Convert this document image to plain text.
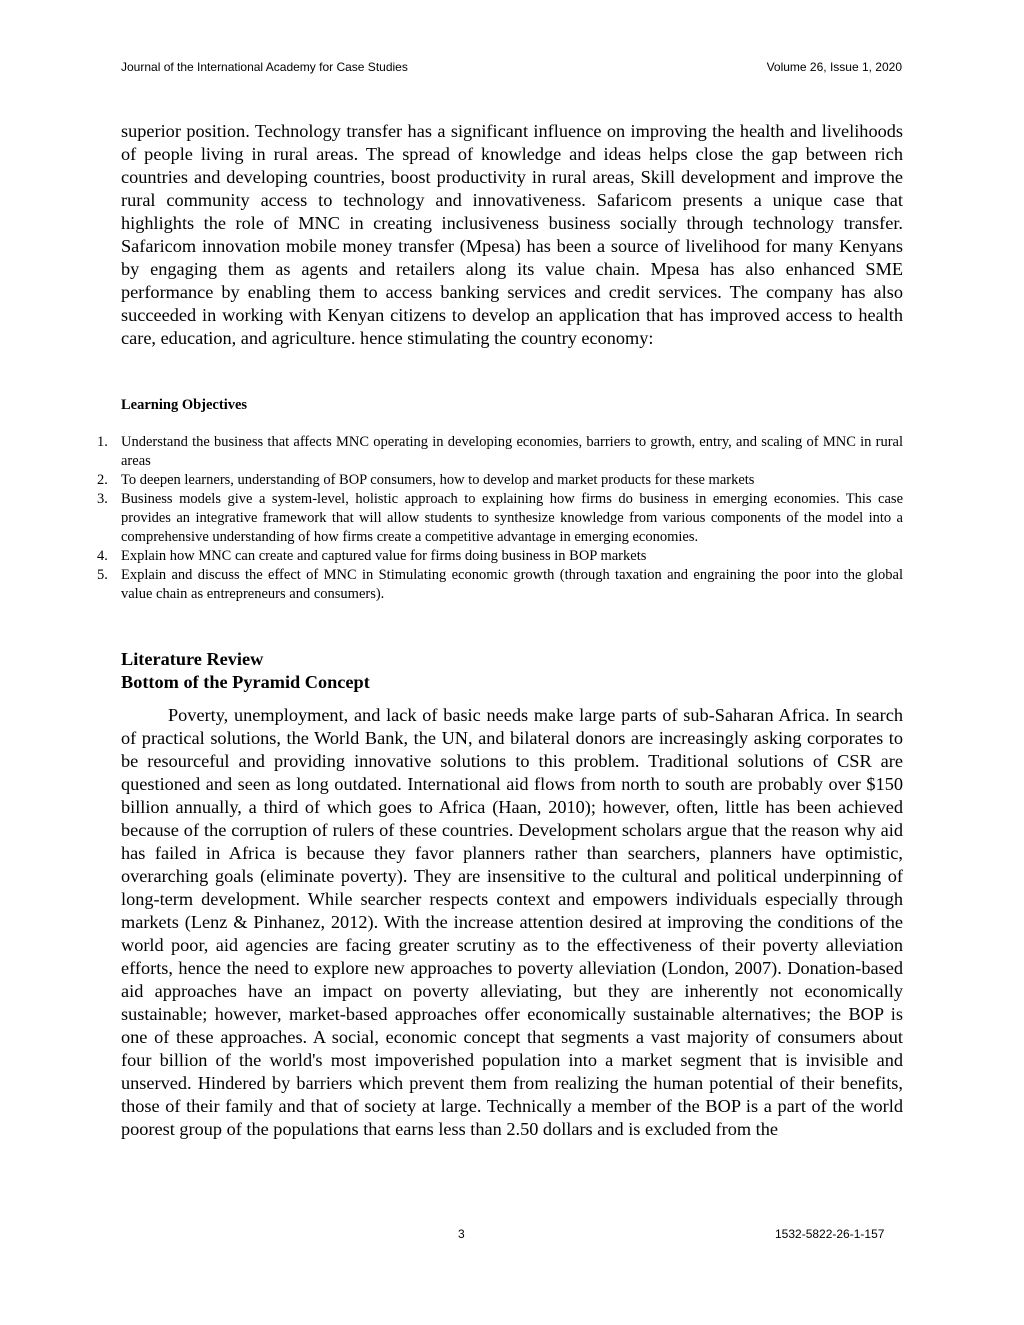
Journal of the International Academy for Case Studies	Volume 26, Issue 1, 2020

superior position. Technology transfer has a significant influence on improving the health and livelihoods of people living in rural areas. The spread of knowledge and ideas helps close the gap between rich countries and developing countries, boost productivity in rural areas, Skill development and improve the rural community access to technology and innovativeness. Safaricom presents a unique case that highlights the role of MNC in creating inclusiveness business socially through technology transfer. Safaricom innovation mobile money transfer (Mpesa) has been a source of livelihood for many Kenyans by engaging them as agents and retailers along its value chain. Mpesa has also enhanced SME performance by enabling them to access banking services and credit services. The company has also succeeded in working with Kenyan citizens to develop an application that has improved access to health care, education, and agriculture. hence stimulating the country economy:

Learning Objectives
1. Understand the business that affects MNC operating in developing economies, barriers to growth, entry, and scaling of MNC in rural areas
2. To deepen learners, understanding of BOP consumers, how to develop and market products for these markets
3. Business models give a system-level, holistic approach to explaining how firms do business in emerging economies. This case provides an integrative framework that will allow students to synthesize knowledge from various components of the model into a comprehensive understanding of how firms create a competitive advantage in emerging economies.
4. Explain how MNC can create and captured value for firms doing business in BOP markets
5. Explain and discuss the effect of MNC in Stimulating economic growth (through taxation and engraining the poor into the global value chain as entrepreneurs and consumers).
Literature Review
Bottom of the Pyramid Concept

Poverty, unemployment, and lack of basic needs make large parts of sub-Saharan Africa. In search of practical solutions, the World Bank, the UN, and bilateral donors are increasingly asking corporates to be resourceful and providing innovative solutions to this problem. Traditional solutions of CSR are questioned and seen as long outdated. International aid flows from north to south are probably over $150 billion annually, a third of which goes to Africa (Haan, 2010); however, often, little has been achieved because of the corruption of rulers of these countries. Development scholars argue that the reason why aid has failed in Africa is because they favor planners rather than searchers, planners have optimistic, overarching goals (eliminate poverty). They are insensitive to the cultural and political underpinning of long-term development. While searcher respects context and empowers individuals especially through markets (Lenz & Pinhanez, 2012). With the increase attention desired at improving the conditions of the world poor, aid agencies are facing greater scrutiny as to the effectiveness of their poverty alleviation efforts, hence the need to explore new approaches to poverty alleviation (London, 2007). Donation-based aid approaches have an impact on poverty alleviating, but they are inherently not economically sustainable; however, market-based approaches offer economically sustainable alternatives; the BOP is one of these approaches. A social, economic concept that segments a vast majority of consumers about four billion of the world's most impoverished population into a market segment that is invisible and unserved. Hindered by barriers which prevent them from realizing the human potential of their benefits, those of their family and that of society at large. Technically a member of the BOP is a part of the world poorest group of the populations that earns less than 2.50 dollars and is excluded from the

3	1532-5822-26-1-157
